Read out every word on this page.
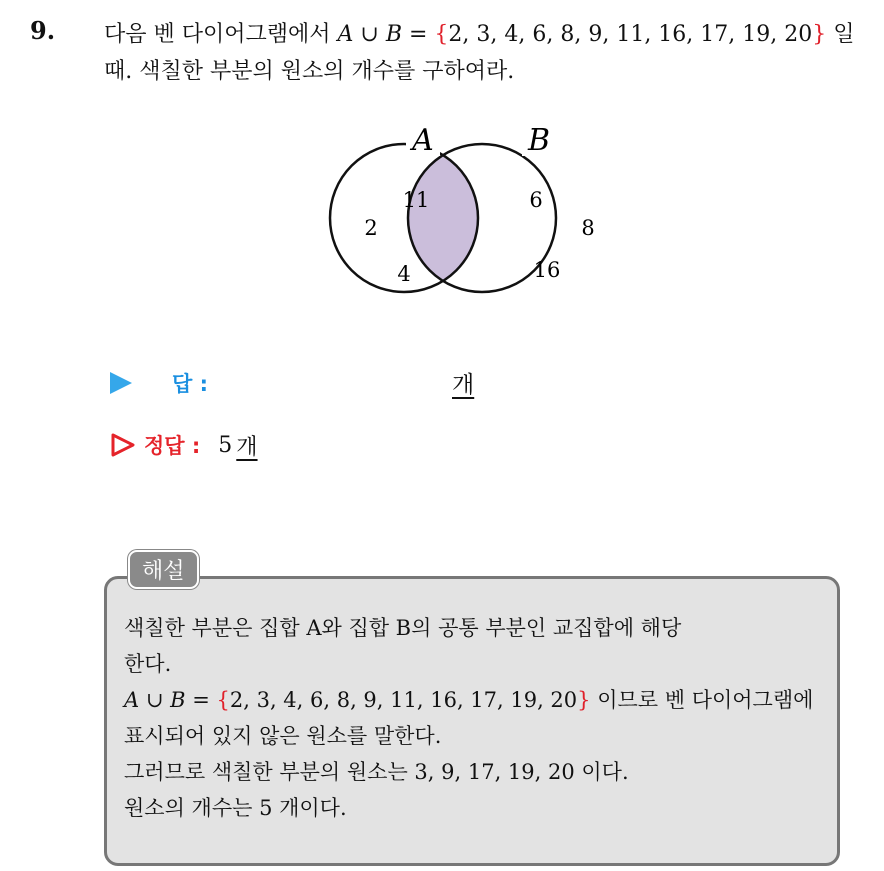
9. 다음 벤 다이어그램에서 A ∪ B = {2, 3, 4, 6, 8, 9, 11, 16, 17, 19, 20} 일
때. 색칠한 부분의 원소의 개수를 구하여라.
A	B
11
2
4
6
8
16
답 :	개
정답 : 5 개
해설
색칠한 부분은 집합 A와 집합 B의 공통 부분인 교집합에 해당
한다.
A ∪ B = {2, 3, 4, 6, 8, 9, 11, 16, 17, 19, 20} 이므로 벤 다이어그램에
표시되어 있지 않은 원소를 말한다.
그러므로 색칠한 부분의 원소는 3, 9, 17, 19, 20 이다.
원소의 개수는 5 개이다.
